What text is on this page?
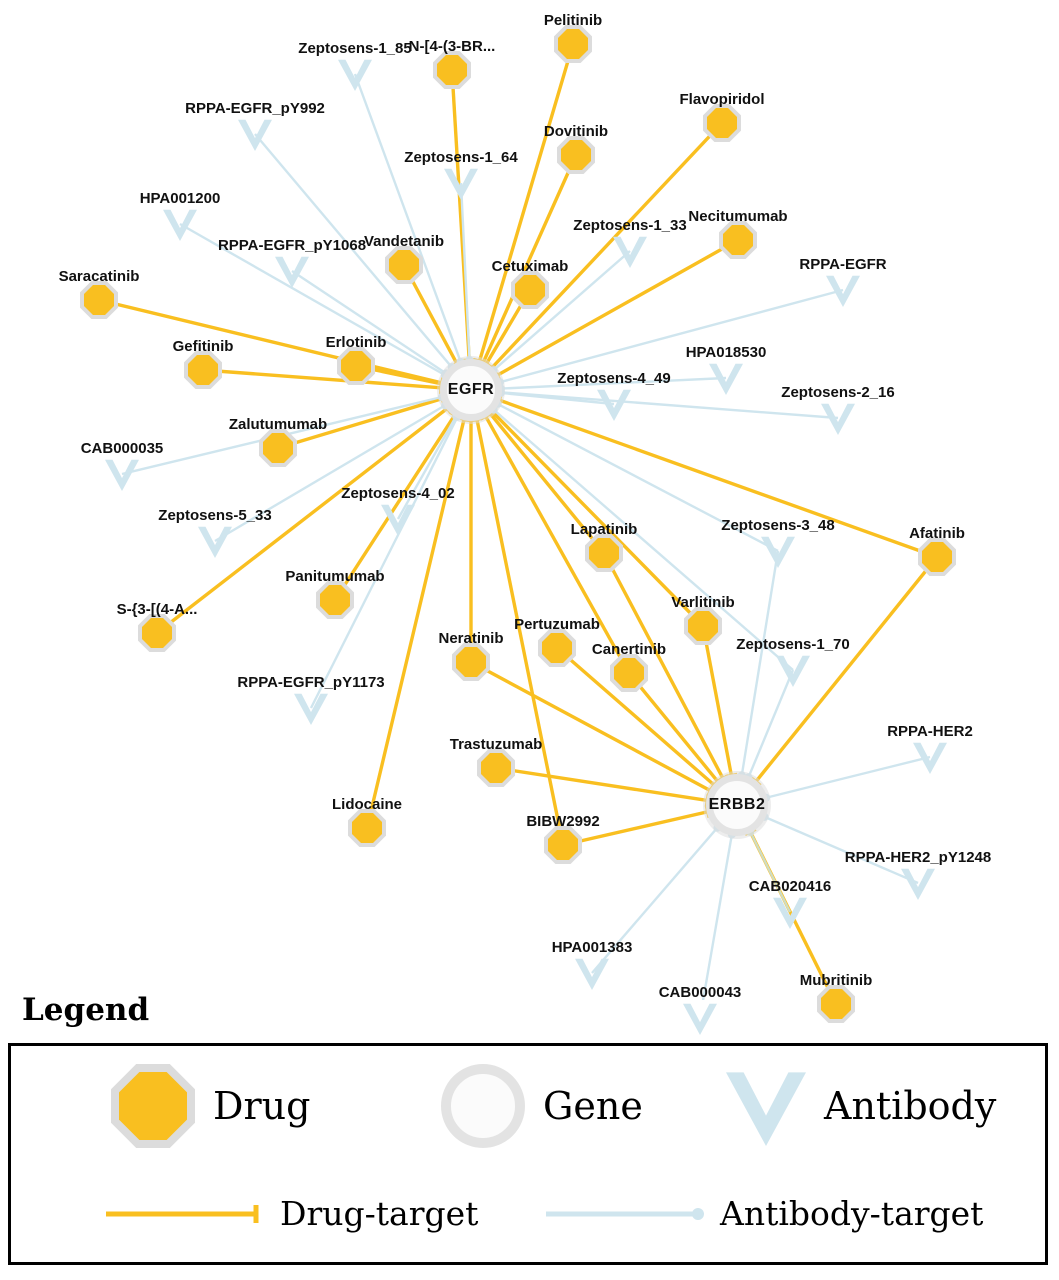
EGFR
ERBB2
Pelitinib
N-[4-(3-BR...
Flavopiridol
Dovitinib
Necitumumab
Vandetanib
Cetuximab
Saracatinib
Erlotinib
Gefitinib
Zalutumumab
Lapatinib	Afatinib
Panitumumab
Varlitinib
S-{3-[(4-A...
Pertuzumab
Neratinib
Canertinib
Trastuzumab
Lidocaine
BIBW2992
Mubritinib
Zeptosens-1_85
RPPA-EGFR_pY992
Zeptosens-1_64
HPA001200
Zeptosens-1_33
RPPA-EGFR_pY1068
RPPA-EGFR
Zeptosens-4_49
HPA018530
Zeptosens-2_16
CAB000035
Zeptosens-4_02
Zeptosens-5_33
Zeptosens-3_48
Zeptosens-1_70
RPPA-EGFR_pY1173
RPPA-HER2
RPPA-HER2_pY1248
CAB020416
HPA001383
CAB000043
Legend
Drug	Gene	Antibody
Drug-target	Antibody-target
